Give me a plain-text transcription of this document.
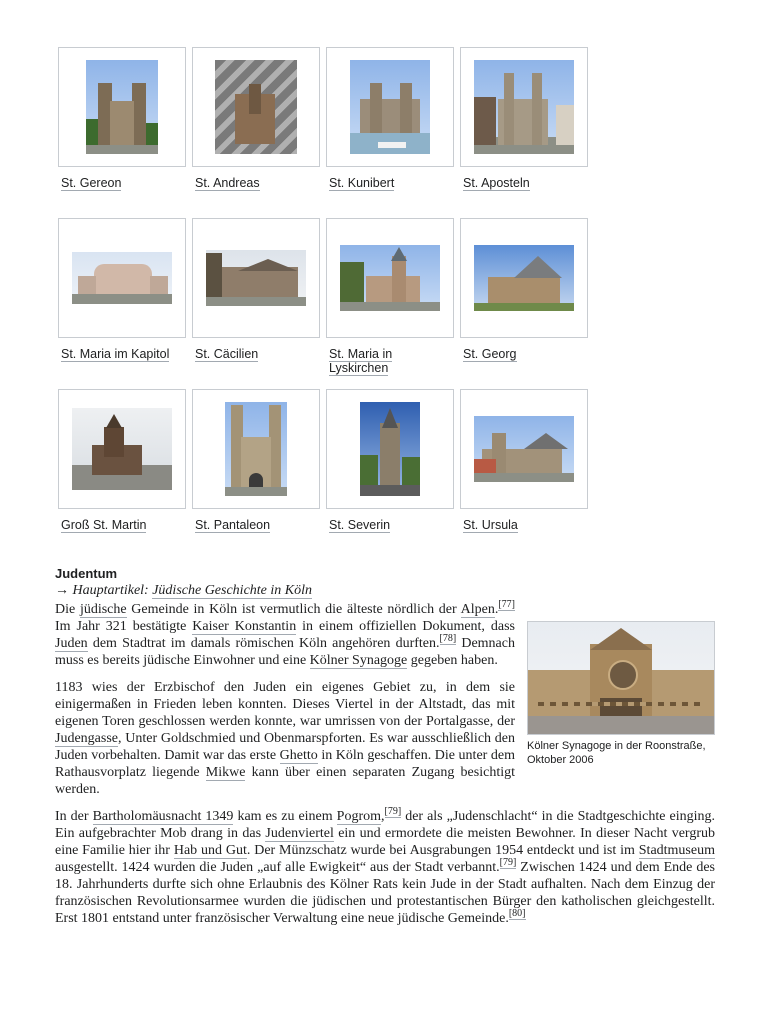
St. Gereon	St. Andreas	St. Kunibert	St. Aposteln
St. Maria im Kapitol	St. Cäcilien	St. Maria in Lyskirchen
St. Georg
Groß St. Martin	St. Pantaleon	St. Severin	St. Ursula
Judentum
→ Hauptartikel: Jüdische Geschichte in Köln
Kölner Synagoge in der Roonstraße, Oktober 2006

Die jüdische Gemeinde in Köln ist vermutlich die älteste nördlich der Alpen.[77] Im Jahr 321 bestätigte Kaiser Konstantin in einem offiziellen Dokument, dass Juden dem Stadtrat im damals römischen Köln angehören durften.[78] Demnach muss es bereits jüdische Einwohner und eine Kölner Synagoge gegeben haben.

1183 wies der Erzbischof den Juden ein eigenes Gebiet zu, in dem sie einigermaßen in Frieden leben konnten. Dieses Viertel in der Altstadt, das mit eigenen Toren geschlossen werden konnte, war umrissen von der Portalgasse, der Judengasse, Unter Goldschmied und Obenmarspforten. Es war ausschließlich den Juden vorbehalten. Damit war das erste Ghetto in Köln geschaffen. Die unter dem Rathausvorplatz liegende Mikwe kann über einen separaten Zugang besichtigt werden.

In der Bartholomäusnacht 1349 kam es zu einem Pogrom,[79] der als „Judenschlacht“ in die Stadtgeschichte einging. Ein aufgebrachter Mob drang in das Judenviertel ein und ermordete die meisten Bewohner. In dieser Nacht vergrub eine Familie hier ihr Hab und Gut. Der Münzschatz wurde bei Ausgrabungen 1954 entdeckt und ist im Stadtmuseum ausgestellt. 1424 wurden die Juden „auf alle Ewigkeit“ aus der Stadt verbannt.[79] Zwischen 1424 und dem Ende des 18. Jahrhunderts durfte sich ohne Erlaubnis des Kölner Rats kein Jude in der Stadt aufhalten. Nach dem Einzug der französischen Revolutionsarmee wurden die jüdischen und protestantischen Bürger den katholischen gleichgestellt. Erst 1801 entstand unter französischer Verwaltung eine neue jüdische Gemeinde.[80]
